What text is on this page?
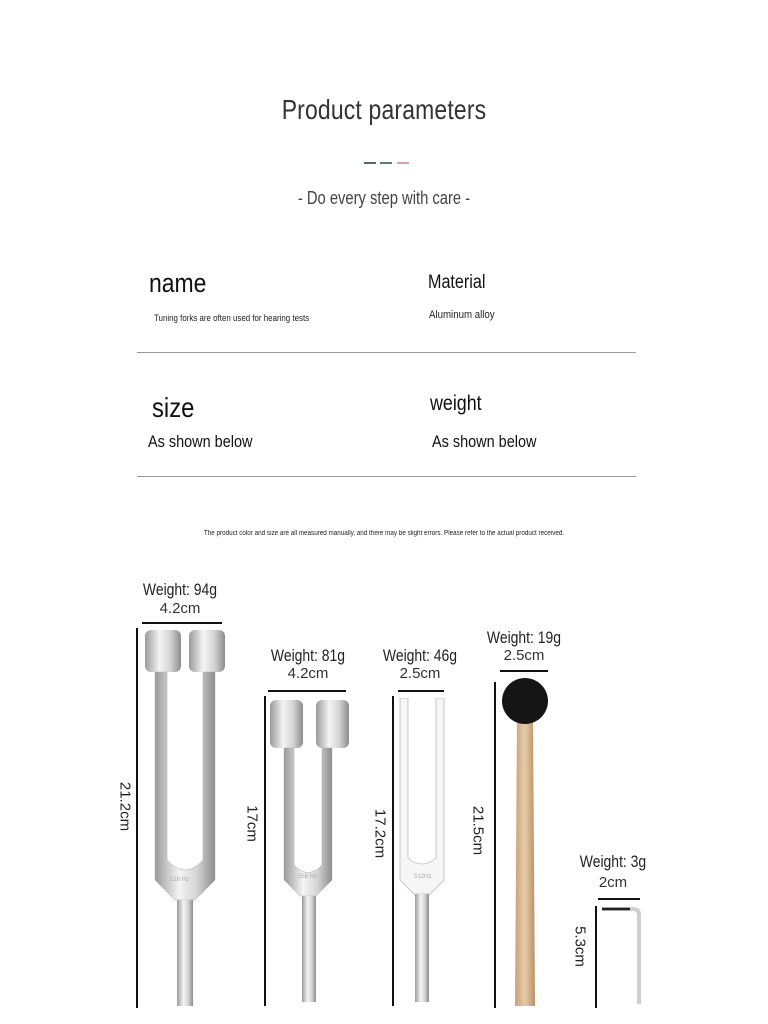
Product parameters
- Do every step with care -
name
Tuning forks are often used for hearing tests
Material
Aluminum alloy
size
As shown below
weight
As shown below
The product color and size are all measured manually, and there may be slight errors. Please refer to the actual product received.
Weight: 94g
4.2cm
21.2cm
128 Hz
Weight: 81g
4.2cm
17cm
256 Hz
Weight: 46g
2.5cm
17.2cm
512Hz
Weight: 19g
2.5cm
21.5cm
Weight: 3g
2cm
5.3cm
